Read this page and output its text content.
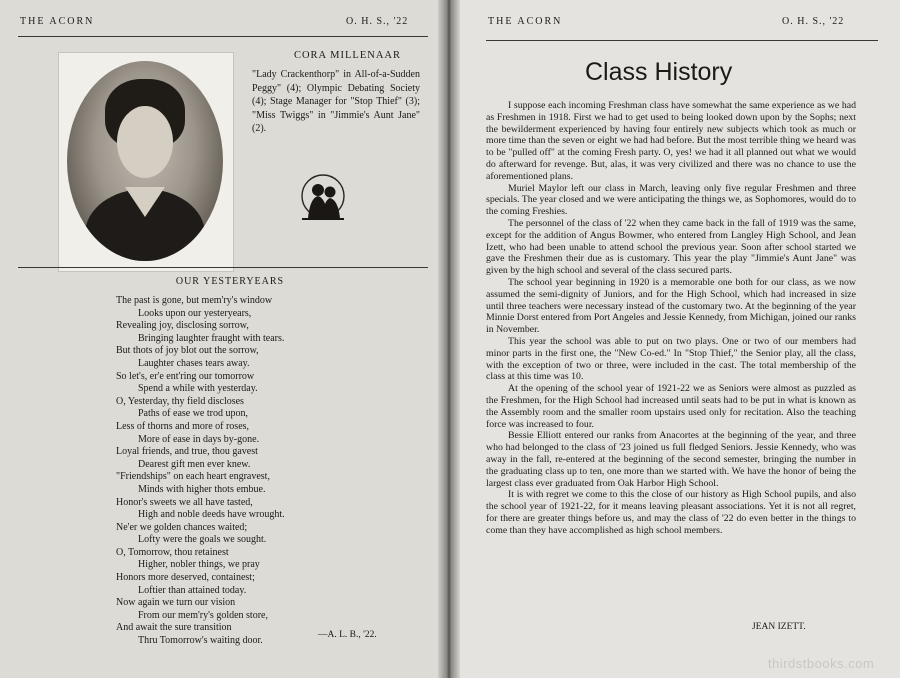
THE ACORN	O. H. S., '22
CORA MILLENAAR
"Lady Crackenthorp" in All-of-a-Sudden Peggy" (4); Olympic Debating Society (4); Stage Manager for "Stop Thief" (3); "Miss Twiggs" in "Jimmie's Aunt Jane" (2).
OUR YESTERYEARS
The past is gone, but mem'ry's window
Looks upon our yesteryears,
Revealing joy, disclosing sorrow,
Bringing laughter fraught with tears.
But thots of joy blot out the sorrow,
Laughter chases tears away.
So let's, er'e ent'ring our tomorrow
Spend a while with yesterday.
O, Yesterday, thy field discloses
Paths of ease we trod upon,
Less of thorns and more of roses,
More of ease in days by-gone.
Loyal friends, and true, thou gavest
Dearest gift men ever knew.
"Friendships" on each heart engravest,
Minds with higher thots embue.
Honor's sweets we all have tasted,
High and noble deeds have wrought.
Ne'er we golden chances waited;
Lofty were the goals we sought.
O, Tomorrow, thou retainest
Higher, nobler things, we pray
Honors more deserved, containest;
Loftier than attained today.
Now again we turn our vision
From our mem'ry's golden store,
And await the sure transition
Thru Tomorrow's waiting door.
—A. L. B., '22.
THE ACORN	O. H. S., '22
Class History

I suppose each incoming Freshman class have somewhat the same experience as we had as Freshmen in 1918. First we had to get used to being looked down upon by the Sophs; next the bewilderment experienced by having four entirely new subjects which took as much or more time than the seven or eight we had had before. But the most terrible thing we heard was to be "pulled off" at the coming Fresh party. O, yes! we had it all planned out what we would do afterward for revenge. But, alas, it was very civilized and there was no chance to use the aforementioned plans.

Muriel Maylor left our class in March, leaving only five regular Freshmen and three specials. The year closed and we were anticipating the things we, as Sophomores, would do to the coming Freshies.

The personnel of the class of '22 when they came back in the fall of 1919 was the same, except for the addition of Angus Bowmer, who entered from Langley High School, and Jean Izett, who had been unable to attend school the previous year. Soon after school started we gave the Freshmen their due as is customary. This year the play "Jimmie's Aunt Jane" was given by the high school and several of the class secured parts.

The school year beginning in 1920 is a memorable one both for our class, as we now assumed the semi-dignity of Juniors, and for the High School, which had increased in size until three teachers were necessary instead of the customary two. At the beginning of the year Minnie Dorst entered from Port Angeles and Jessie Kennedy, from Michigan, joined our ranks in November.

This year the school was able to put on two plays. One or two of our members had minor parts in the first one, the "New Co-ed." In "Stop Thief," the Senior play, all the class, with the exception of two or three, were included in the cast. The total membership of the class at this time was 10.

At the opening of the school year of 1921-22 we as Seniors were almost as puzzled as the Freshmen, for the High School had increased until seats had to be put in what is known as the Assembly room and the smaller room upstairs used only for recitation. Also the teaching force was increased to four.

Bessie Elliott entered our ranks from Anacortes at the beginning of the year, and three who had belonged to the class of '23 joined us full fledged Seniors. Jessie Kennedy, who was away in the fall, re-entered at the beginning of the second semester, bringing the number in the graduating class up to ten, one more than we started with. We have the honor of being the largest class ever graduated from Oak Harbor High School.

It is with regret we come to this the close of our history as High School pupils, and also the school year of 1921-22, for it means leaving pleasant associations. Yet it is not all regret, for there are greater things before us, and may the class of '22 do even better in the things to come than they have accomplished as high school members.

JEAN IZETT.
thirdstbooks.com
